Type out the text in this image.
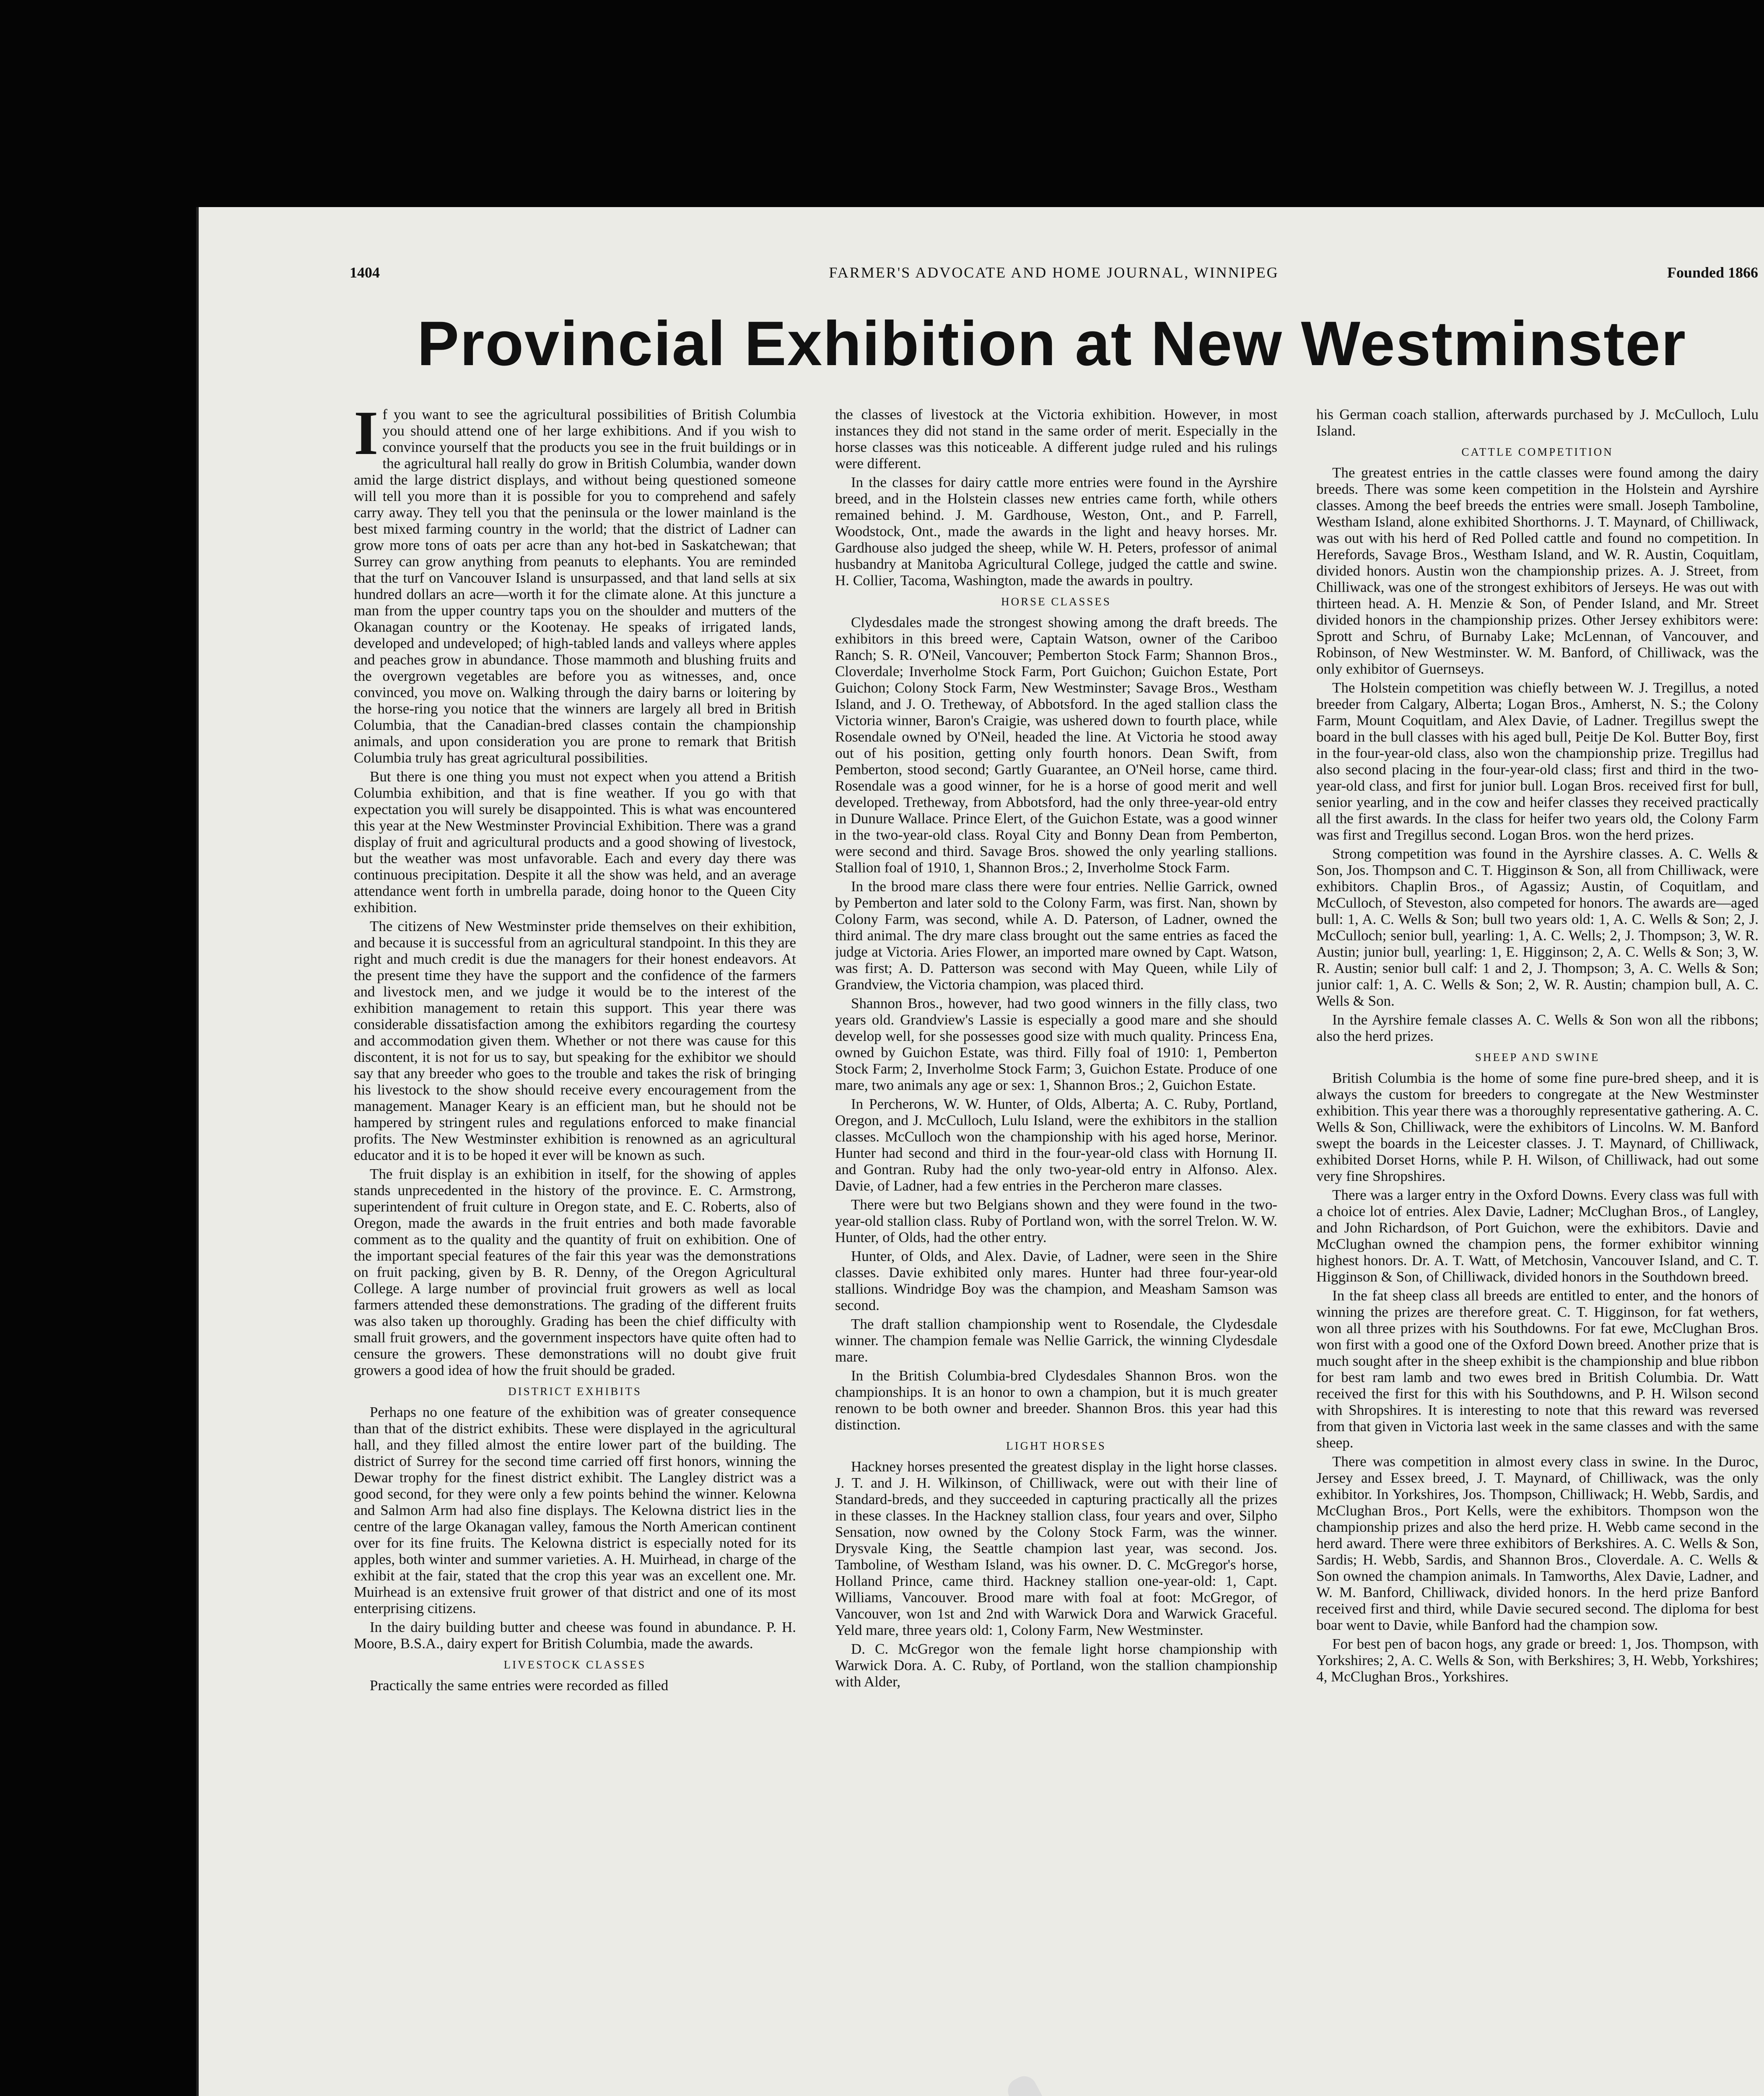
1404	FARMER'S ADVOCATE AND HOME JOURNAL, WINNIPEG	Founded 1866
Provincial Exhibition at New Westminster

If you want to see the agricultural possibilities of British Columbia you should attend one of her large exhibitions. And if you wish to convince yourself that the products you see in the fruit buildings or in the agricultural hall really do grow in British Columbia, wander down amid the large district displays, and without being questioned someone will tell you more than it is possible for you to comprehend and safely carry away. They tell you that the peninsula or the lower mainland is the best mixed farming country in the world; that the district of Ladner can grow more tons of oats per acre than any hot-bed in Saskatchewan; that Surrey can grow anything from peanuts to elephants. You are reminded that the turf on Vancouver Island is unsurpassed, and that land sells at six hundred dollars an acre—worth it for the climate alone. At this juncture a man from the upper country taps you on the shoulder and mutters of the Okanagan country or the Kootenay. He speaks of irrigated lands, developed and undeveloped; of high-tabled lands and valleys where apples and peaches grow in abundance. Those mammoth and blushing fruits and the overgrown vegetables are before you as witnesses, and, once convinced, you move on. Walking through the dairy barns or loitering by the horse-ring you notice that the winners are largely all bred in British Columbia, that the Canadian-bred classes contain the championship animals, and upon consideration you are prone to remark that British Columbia truly has great agricultural possibilities.

But there is one thing you must not expect when you attend a British Columbia exhibition, and that is fine weather. If you go with that expectation you will surely be disappointed. This is what was encountered this year at the New Westminster Provincial Exhibition. There was a grand display of fruit and agricultural products and a good showing of livestock, but the weather was most unfavorable. Each and every day there was continuous precipitation. Despite it all the show was held, and an average attendance went forth in umbrella parade, doing honor to the Queen City exhibition.

The citizens of New Westminster pride themselves on their exhibition, and because it is successful from an agricultural standpoint. In this they are right and much credit is due the managers for their honest endeavors. At the present time they have the support and the confidence of the farmers and livestock men, and we judge it would be to the interest of the exhibition management to retain this support. This year there was considerable dissatisfaction among the exhibitors regarding the courtesy and accommodation given them. Whether or not there was cause for this discontent, it is not for us to say, but speaking for the exhibitor we should say that any breeder who goes to the trouble and takes the risk of bringing his livestock to the show should receive every encouragement from the management. Manager Keary is an efficient man, but he should not be hampered by stringent rules and regulations enforced to make financial profits. The New Westminster exhibition is renowned as an agricultural educator and it is to be hoped it ever will be known as such.

The fruit display is an exhibition in itself, for the showing of apples stands unprecedented in the history of the province. E. C. Armstrong, superintendent of fruit culture in Oregon state, and E. C. Roberts, also of Oregon, made the awards in the fruit entries and both made favorable comment as to the quality and the quantity of fruit on exhibition. One of the important special features of the fair this year was the demonstrations on fruit packing, given by B. R. Denny, of the Oregon Agricultural College. A large number of provincial fruit growers as well as local farmers attended these demonstrations. The grading of the different fruits was also taken up thoroughly. Grading has been the chief difficulty with small fruit growers, and the government inspectors have quite often had to censure the growers. These demonstrations will no doubt give fruit growers a good idea of how the fruit should be graded.

DISTRICT EXHIBITS

Perhaps no one feature of the exhibition was of greater consequence than that of the district exhibits. These were displayed in the agricultural hall, and they filled almost the entire lower part of the building. The district of Surrey for the second time carried off first honors, winning the Dewar trophy for the finest district exhibit. The Langley district was a good second, for they were only a few points behind the winner. Kelowna and Salmon Arm had also fine displays. The Kelowna district lies in the centre of the large Okanagan valley, famous the North American continent over for its fine fruits. The Kelowna district is especially noted for its apples, both winter and summer varieties. A. H. Muirhead, in charge of the exhibit at the fair, stated that the crop this year was an excellent one. Mr. Muirhead is an extensive fruit grower of that district and one of its most enterprising citizens.

In the dairy building butter and cheese was found in abundance. P. H. Moore, B.S.A., dairy expert for British Columbia, made the awards.

LIVESTOCK CLASSES

Practically the same entries were recorded as filled

the classes of livestock at the Victoria exhibition. However, in most instances they did not stand in the same order of merit. Especially in the horse classes was this noticeable. A different judge ruled and his rulings were different.

In the classes for dairy cattle more entries were found in the Ayrshire breed, and in the Holstein classes new entries came forth, while others remained behind. J. M. Gardhouse, Weston, Ont., and P. Farrell, Woodstock, Ont., made the awards in the light and heavy horses. Mr. Gardhouse also judged the sheep, while W. H. Peters, professor of animal husbandry at Manitoba Agricultural College, judged the cattle and swine. H. Collier, Tacoma, Washington, made the awards in poultry.

HORSE CLASSES

Clydesdales made the strongest showing among the draft breeds. The exhibitors in this breed were, Captain Watson, owner of the Cariboo Ranch; S. R. O'Neil, Vancouver; Pemberton Stock Farm; Shannon Bros., Cloverdale; Inverholme Stock Farm, Port Guichon; Guichon Estate, Port Guichon; Colony Stock Farm, New Westminster; Savage Bros., Westham Island, and J. O. Tretheway, of Abbotsford. In the aged stallion class the Victoria winner, Baron's Craigie, was ushered down to fourth place, while Rosendale owned by O'Neil, headed the line. At Victoria he stood away out of his position, getting only fourth honors. Dean Swift, from Pemberton, stood second; Gartly Guarantee, an O'Neil horse, came third. Rosendale was a good winner, for he is a horse of good merit and well developed. Tretheway, from Abbotsford, had the only three-year-old entry in Dunure Wallace. Prince Elert, of the Guichon Estate, was a good winner in the two-year-old class. Royal City and Bonny Dean from Pemberton, were second and third. Savage Bros. showed the only yearling stallions. Stallion foal of 1910, 1, Shannon Bros.; 2, Inverholme Stock Farm.

In the brood mare class there were four entries. Nellie Garrick, owned by Pemberton and later sold to the Colony Farm, was first. Nan, shown by Colony Farm, was second, while A. D. Paterson, of Ladner, owned the third animal. The dry mare class brought out the same entries as faced the judge at Victoria. Aries Flower, an imported mare owned by Capt. Watson, was first; A. D. Patterson was second with May Queen, while Lily of Grandview, the Victoria champion, was placed third.

Shannon Bros., however, had two good winners in the filly class, two years old. Grandview's Lassie is especially a good mare and she should develop well, for she possesses good size with much quality. Princess Ena, owned by Guichon Estate, was third. Filly foal of 1910: 1, Pemberton Stock Farm; 2, Inverholme Stock Farm; 3, Guichon Estate. Produce of one mare, two animals any age or sex: 1, Shannon Bros.; 2, Guichon Estate.

In Percherons, W. W. Hunter, of Olds, Alberta; A. C. Ruby, Portland, Oregon, and J. McCulloch, Lulu Island, were the exhibitors in the stallion classes. McCulloch won the championship with his aged horse, Merinor. Hunter had second and third in the four-year-old class with Hornung II. and Gontran. Ruby had the only two-year-old entry in Alfonso. Alex. Davie, of Ladner, had a few entries in the Percheron mare classes.

There were but two Belgians shown and they were found in the two-year-old stallion class. Ruby of Portland won, with the sorrel Trelon. W. W. Hunter, of Olds, had the other entry.

Hunter, of Olds, and Alex. Davie, of Ladner, were seen in the Shire classes. Davie exhibited only mares. Hunter had three four-year-old stallions. Windridge Boy was the champion, and Measham Samson was second.

The draft stallion championship went to Rosendale, the Clydesdale winner. The champion female was Nellie Garrick, the winning Clydesdale mare.

In the British Columbia-bred Clydesdales Shannon Bros. won the championships. It is an honor to own a champion, but it is much greater renown to be both owner and breeder. Shannon Bros. this year had this distinction.

LIGHT HORSES

Hackney horses presented the greatest display in the light horse classes. J. T. and J. H. Wilkinson, of Chilliwack, were out with their line of Standard-breds, and they succeeded in capturing practically all the prizes in these classes. In the Hackney stallion class, four years and over, Silpho Sensation, now owned by the Colony Stock Farm, was the winner. Drysvale King, the Seattle champion last year, was second. Jos. Tamboline, of Westham Island, was his owner. D. C. McGregor's horse, Holland Prince, came third. Hackney stallion one-year-old: 1, Capt. Williams, Vancouver. Brood mare with foal at foot: McGregor, of Vancouver, won 1st and 2nd with Warwick Dora and Warwick Graceful. Yeld mare, three years old: 1, Colony Farm, New Westminster.

D. C. McGregor won the female light horse championship with Warwick Dora. A. C. Ruby, of Portland, won the stallion championship with Alder,

his German coach stallion, afterwards purchased by J. McCulloch, Lulu Island.

CATTLE COMPETITION

The greatest entries in the cattle classes were found among the dairy breeds. There was some keen competition in the Holstein and Ayrshire classes. Among the beef breeds the entries were small. Joseph Tamboline, Westham Island, alone exhibited Shorthorns. J. T. Maynard, of Chilliwack, was out with his herd of Red Polled cattle and found no competition. In Herefords, Savage Bros., Westham Island, and W. R. Austin, Coquitlam, divided honors. Austin won the championship prizes. A. J. Street, from Chilliwack, was one of the strongest exhibitors of Jerseys. He was out with thirteen head. A. H. Menzie & Son, of Pender Island, and Mr. Street divided honors in the championship prizes. Other Jersey exhibitors were: Sprott and Schru, of Burnaby Lake; McLennan, of Vancouver, and Robinson, of New Westminster. W. M. Banford, of Chilliwack, was the only exhibitor of Guernseys.

The Holstein competition was chiefly between W. J. Tregillus, a noted breeder from Calgary, Alberta; Logan Bros., Amherst, N. S.; the Colony Farm, Mount Coquitlam, and Alex Davie, of Ladner. Tregillus swept the board in the bull classes with his aged bull, Peitje De Kol. Butter Boy, first in the four-year-old class, also won the championship prize. Tregillus had also second placing in the four-year-old class; first and third in the two-year-old class, and first for junior bull. Logan Bros. received first for bull, senior yearling, and in the cow and heifer classes they received practically all the first awards. In the class for heifer two years old, the Colony Farm was first and Tregillus second. Logan Bros. won the herd prizes.

Strong competition was found in the Ayrshire classes. A. C. Wells & Son, Jos. Thompson and C. T. Higginson & Son, all from Chilliwack, were exhibitors. Chaplin Bros., of Agassiz; Austin, of Coquitlam, and McCulloch, of Steveston, also competed for honors. The awards are—aged bull: 1, A. C. Wells & Son; bull two years old: 1, A. C. Wells & Son; 2, J. McCulloch; senior bull, yearling: 1, A. C. Wells; 2, J. Thompson; 3, W. R. Austin; junior bull, yearling: 1, E. Higginson; 2, A. C. Wells & Son; 3, W. R. Austin; senior bull calf: 1 and 2, J. Thompson; 3, A. C. Wells & Son; junior calf: 1, A. C. Wells & Son; 2, W. R. Austin; champion bull, A. C. Wells & Son.

In the Ayrshire female classes A. C. Wells & Son won all the ribbons; also the herd prizes.

SHEEP AND SWINE

British Columbia is the home of some fine pure-bred sheep, and it is always the custom for breeders to congregate at the New Westminster exhibition. This year there was a thoroughly representative gathering. A. C. Wells & Son, Chilliwack, were the exhibitors of Lincolns. W. M. Banford swept the boards in the Leicester classes. J. T. Maynard, of Chilliwack, exhibited Dorset Horns, while P. H. Wilson, of Chilliwack, had out some very fine Shropshires.

There was a larger entry in the Oxford Downs. Every class was full with a choice lot of entries. Alex Davie, Ladner; McClughan Bros., of Langley, and John Richardson, of Port Guichon, were the exhibitors. Davie and McClughan owned the champion pens, the former exhibitor winning highest honors. Dr. A. T. Watt, of Metchosin, Vancouver Island, and C. T. Higginson & Son, of Chilliwack, divided honors in the Southdown breed.

In the fat sheep class all breeds are entitled to enter, and the honors of winning the prizes are therefore great. C. T. Higginson, for fat wethers, won all three prizes with his Southdowns. For fat ewe, McClughan Bros. won first with a good one of the Oxford Down breed. Another prize that is much sought after in the sheep exhibit is the championship and blue ribbon for best ram lamb and two ewes bred in British Columbia. Dr. Watt received the first for this with his Southdowns, and P. H. Wilson second with Shropshires. It is interesting to note that this reward was reversed from that given in Victoria last week in the same classes and with the same sheep.

There was competition in almost every class in swine. In the Duroc, Jersey and Essex breed, J. T. Maynard, of Chilliwack, was the only exhibitor. In Yorkshires, Jos. Thompson, Chilliwack; H. Webb, Sardis, and McClughan Bros., Port Kells, were the exhibitors. Thompson won the championship prizes and also the herd prize. H. Webb came second in the herd award. There were three exhibitors of Berkshires. A. C. Wells & Son, Sardis; H. Webb, Sardis, and Shannon Bros., Cloverdale. A. C. Wells & Son owned the champion animals. In Tamworths, Alex Davie, Ladner, and W. M. Banford, Chilliwack, divided honors. In the herd prize Banford received first and third, while Davie secured second. The diploma for best boar went to Davie, while Banford had the champion sow.

For best pen of bacon hogs, any grade or breed: 1, Jos. Thompson, with Yorkshires; 2, A. C. Wells & Son, with Berkshires; 3, H. Webb, Yorkshires; 4, McClughan Bros., Yorkshires.
